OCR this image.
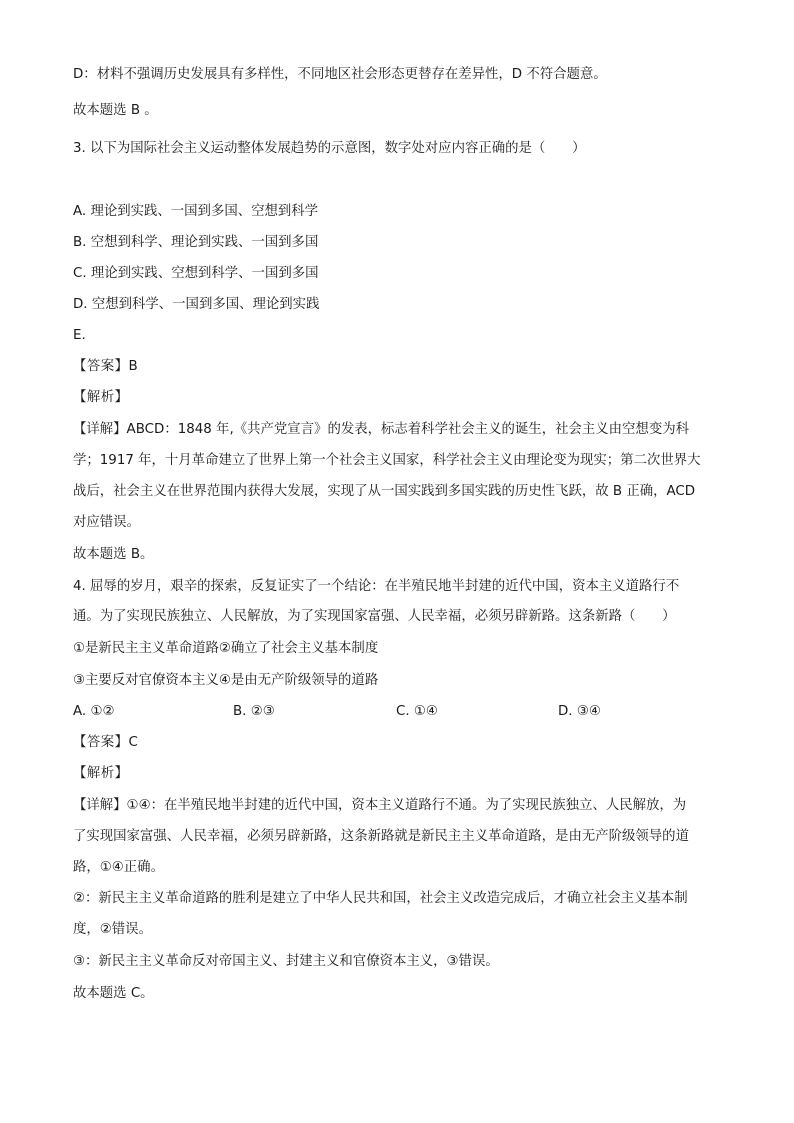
D：材料不强调历史发展具有多样性，不同地区社会形态更替存在差异性，D 不符合题意。
故本题选 B 。
3. 以下为国际社会主义运动整体发展趋势的示意图，数字处对应内容正确的是（　　）
A. 理论到实践、一国到多国、空想到科学
B. 空想到科学、理论到实践、一国到多国
C. 理论到实践、空想到科学、一国到多国
D. 空想到科学、一国到多国、理论到实践
E.
【答案】B
【解析】
【详解】ABCD：1848 年,《共产党宣言》的发表，标志着科学社会主义的诞生，社会主义由空想变为科
学；1917 年，十月革命建立了世界上第一个社会主义国家，科学社会主义由理论变为现实；第二次世界大
战后，社会主义在世界范围内获得大发展，实现了从一国实践到多国实践的历史性飞跃，故 B 正确，ACD
对应错误。
故本题选 B。
4. 屈辱的岁月，艰辛的探索，反复证实了一个结论：在半殖民地半封建的近代中国，资本主义道路行不
通。为了实现民族独立、人民解放，为了实现国家富强、人民幸福，必须另辟新路。这条新路（　　）
①是新民主主义革命道路②确立了社会主义基本制度
③主要反对官僚资本主义④是由无产阶级领导的道路
A. ①②	B. ②③	C. ①④	D. ③④
【答案】C
【解析】
【详解】①④：在半殖民地半封建的近代中国，资本主义道路行不通。为了实现民族独立、人民解放，为
了实现国家富强、人民幸福，必须另辟新路，这条新路就是新民主主义革命道路，是由无产阶级领导的道
路，①④正确。
②：新民主主义革命道路的胜利是建立了中华人民共和国，社会主义改造完成后，才确立社会主义基本制
度，②错误。
③：新民主主义革命反对帝国主义、封建主义和官僚资本主义，③错误。
故本题选 C。
